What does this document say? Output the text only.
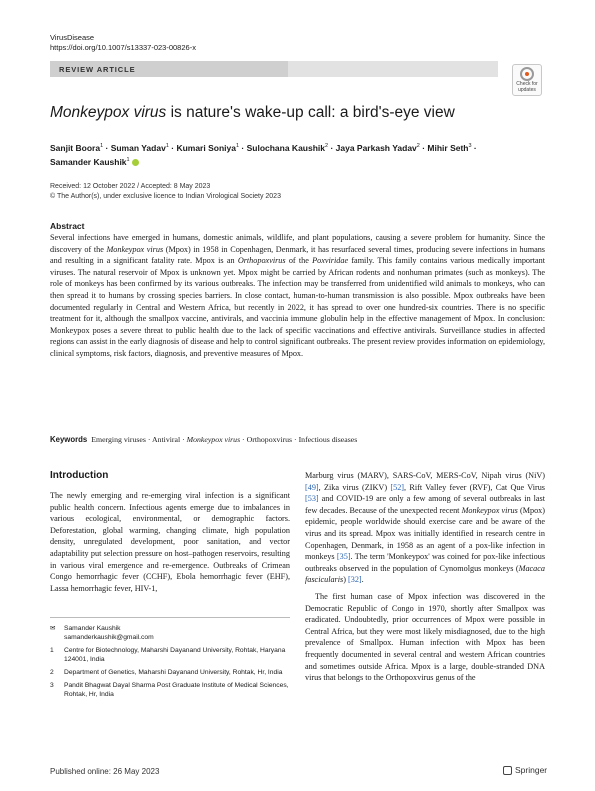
VirusDisease
https://doi.org/10.1007/s13337-023-00826-x
REVIEW ARTICLE
Check for
updates
Monkeypox virus is nature's wake-up call: a bird's-eye view
Sanjit Boora$^1$ · Suman Yadav$^1$ · Kumari Soniya$^1$ · Sulochana Kaushik$^2$ · Jaya Parkash Yadav$^2$ · Mihir Seth$^3$ ·
Samander Kaushik$^1$
Received: 12 October 2022 / Accepted: 8 May 2023
© The Author(s), under exclusive licence to Indian Virological Society 2023
Abstract
Several infections have emerged in humans, domestic animals, wildlife, and plant populations, causing a severe problem for humanity. Since the discovery of the Monkeypox virus (Mpox) in 1958 in Copenhagen, Denmark, it has resurfaced several times, producing severe infections in humans and resulting in a significant fatality rate. Mpox is an Orthopoxvirus of the Poxviridae family. This family contains various medically important viruses. The natural reservoir of Mpox is unknown yet. Mpox might be carried by African rodents and nonhuman primates (such as monkeys). The role of monkeys has been confirmed by its various outbreaks. The infection may be transferred from unidentified wild animals to monkeys, who can then spread it to humans by crossing species barriers. In close contact, human-to-human transmission is also possible. Mpox outbreaks have been documented regularly in Central and Western Africa, but recently in 2022, it has spread to over one hundred-six countries. There is no specific treatment for it, although the smallpox vaccine, antivirals, and vaccinia immune globulin help in the effective management of Mpox. In conclusion: Monkeypox poses a severe threat to public health due to the lack of specific vaccinations and effective antivirals. Surveillance studies in affected regions can assist in the early diagnosis of disease and help to control significant outbreaks. The present review provides information on epidemiology, clinical symptoms, risk factors, diagnosis, and preventive measures of Mpox.
Keywords Emerging viruses · Antiviral · Monkeypox virus · Orthopoxvirus · Infectious diseases
Introduction

The newly emerging and re-emerging viral infection is a significant public health concern. Infectious agents emerge due to imbalances in various ecological, environmental, or demographic factors. Deforestation, global warming, changing climate, high population density, unregulated development, poor sanitation, and vector adaptability put selection pressure on host–pathogen reservoirs, resulting in various viral emergence and re-emergence. Outbreaks of Crimean Congo hemorrhagic fever (CCHF), Ebola hemorrhagic fever (EHF), Lassa hemorrhagic fever, HIV-1,

Marburg virus (MARV), SARS-CoV, MERS-CoV, Nipah virus (NiV) [49], Zika virus (ZIKV) [52], Rift Valley fever (RVF), Cat Que Virus [53] and COVID-19 are only a few among of several outbreaks in last few decades. Because of the unexpected recent Monkeypox virus (Mpox) epidemic, people worldwide should exercise care and be aware of the virus and its spread. Mpox was initially identified in research centre in Copenhagen, Denmark, in 1958 as an agent of a pox-like infection in monkeys [35]. The term 'Monkeypox' was coined for pox-like infectious outbreaks observed in the population of Cynomolgus monkeys (Macaca fascicularis) [32].

The first human case of Mpox infection was discovered in the Democratic Republic of Congo in 1970, shortly after Smallpox was eradicated. Undoubtedly, prior occurrences of Mpox were possible in Central Africa, but they were most likely misdiagnosed, due to the high prevalence of Smallpox. Human infection with Mpox has been frequently documented in several central and western African countries and sometimes outside Africa. Mpox is a large, double-stranded DNA virus that belongs to the Orthopoxvirus genus of the

✉	Samander Kaushik
samanderkaushik@gmail.com
1	Centre for Biotechnology, Maharshi Dayanand University, Rohtak, Haryana 124001, India
2	Department of Genetics, Maharshi Dayanand University, Rohtak, Hr, India
3	Pandit Bhagwat Dayal Sharma Post Graduate Institute of Medical Sciences, Rohtak, Hr, India
Published online: 26 May 2023	Springer
